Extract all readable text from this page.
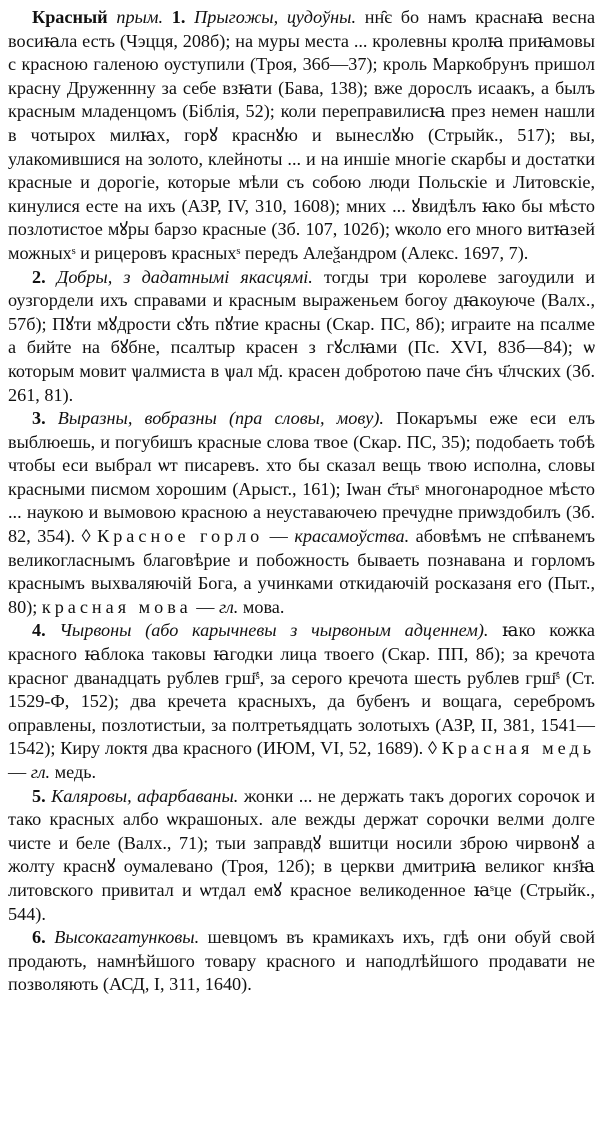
Красный прым. 1. Прыгожы, цудоўны. нн̑є бо намъ краснаꙗ весна восиꙗла есть (Чэцця, 208б); на муры места ... кролевны кролꙗ приꙗмовы с красною галеною оуступили (Троя, 36б—37); кроль Маркобрунъ пришол красну Друженнну за себе взꙗти (Бава, 138); вже дорослъ исаакъ, а былъ красным младенцомъ (Біблія, 52); коли переправилисꙗ през немен нашли в чотырох милꙗх, горꙋ краснꙋю и вынеслꙋю (Стрыйк., 517); вы, улакомившися на золото, клейноты ... и на иншіе многіе скарбы и достатки красные и дорогіе, которые мѣли съ собою люди Польскіе и Литовскіе, кинулися есте на ихъ (АЗР, IV, 310, 1608); мних ... ꙋвидѣлъ ꙗко бы мѣсто позлотистое мꙋры барзо красные (Зб. 107, 102б); ѡколо его много витꙗзей можныхˢ и рицеровъ красныхˢ передъ Алеѯандром (Алекс. 1697, 7).

2. Добры, з дадатнымі якасцямі. тогды три королеве загоудили и оузгордели ихъ справами и красным выраженьем богоу дꙗкоуюче (Валх., 57б); Пꙋти мꙋдрости сꙋть пꙋтие красны (Скар. ПС, 8б); играите на псалме а бийте на бꙋбне, псалтыр красен з гꙋслꙗми (Пс. XVI, 83б—84); ѡ которым мовит ѱалмиста в ѱал м҃д. красен добротою паче с҃нъ ч҃лчских (Зб. 261, 81).

3. Выразны, вобразны (пра словы, мову). Покаръмы еже еси елъ выблюешь, и погубишъ красные слова твое (Скар. ПС, 35); подобаеть тобѣ чтобы еси выбрал ѡт писаревъ. хто бы сказал вещь твою исполна, словы красными писмом хорошим (Арыст., 161); Іѡан с҃тыˢ многонародное мѣсто ... наукою и вымовою красною а неуставаючею пречудне приѡздобилъ (Зб. 82, 354). ◊ Красное горло — красамоўства. абовѣмъ не спѣванемъ великогласнымъ благовѣрие и побожность бываеть познавана и горломъ краснымъ выхваляючій Бога, а учинками откидаючій росказаня его (Пыт., 80); красная мова — гл. мова.

4. Чырвоны (або карычневы з чырвоным адценнем). ꙗко кожка красного ꙗблока таковы ꙗгодки лица твоего (Скар. ПП, 8б); за кречота красног дванадцать рублев грш҃ˢ, за серого кречота шесть рублев грш҃ˢ (Ст. 1529-Ф, 152); два кречета красныхъ, да бубенъ и вощага, серебромъ оправлены, позлотистыи, за полтретьядцать золотыхъ (АЗР, II, 381, 1541—1542); Киру локтя два красного (ИЮМ, VI, 52, 1689). ◊ Красная медь — гл. медь.

5. Каляровы, афарбаваны. жонки ... не держать такъ дорогих сорочок и тако красных албо ѡкрашоных. але вежды держат сорочки велми долге чисте и беле (Валх., 71); тыи заправдꙋ вшитци носили зброю чирвонꙋ а жолту краснꙋ оумалевано (Троя, 12б); в церкви дмитриꙗ великог кнз҃ꙗ литовского привитал и ѡтдал емꙋ красное великоденное ꙗˢце (Стрыйк., 544).

6. Высокагатунковы. шевцомъ въ крамикахъ ихъ, гдѣ они обуй свой продають, намнѣйшого товару красного и наподлѣйшого продавати не позволяють (АСД, I, 311, 1640).
